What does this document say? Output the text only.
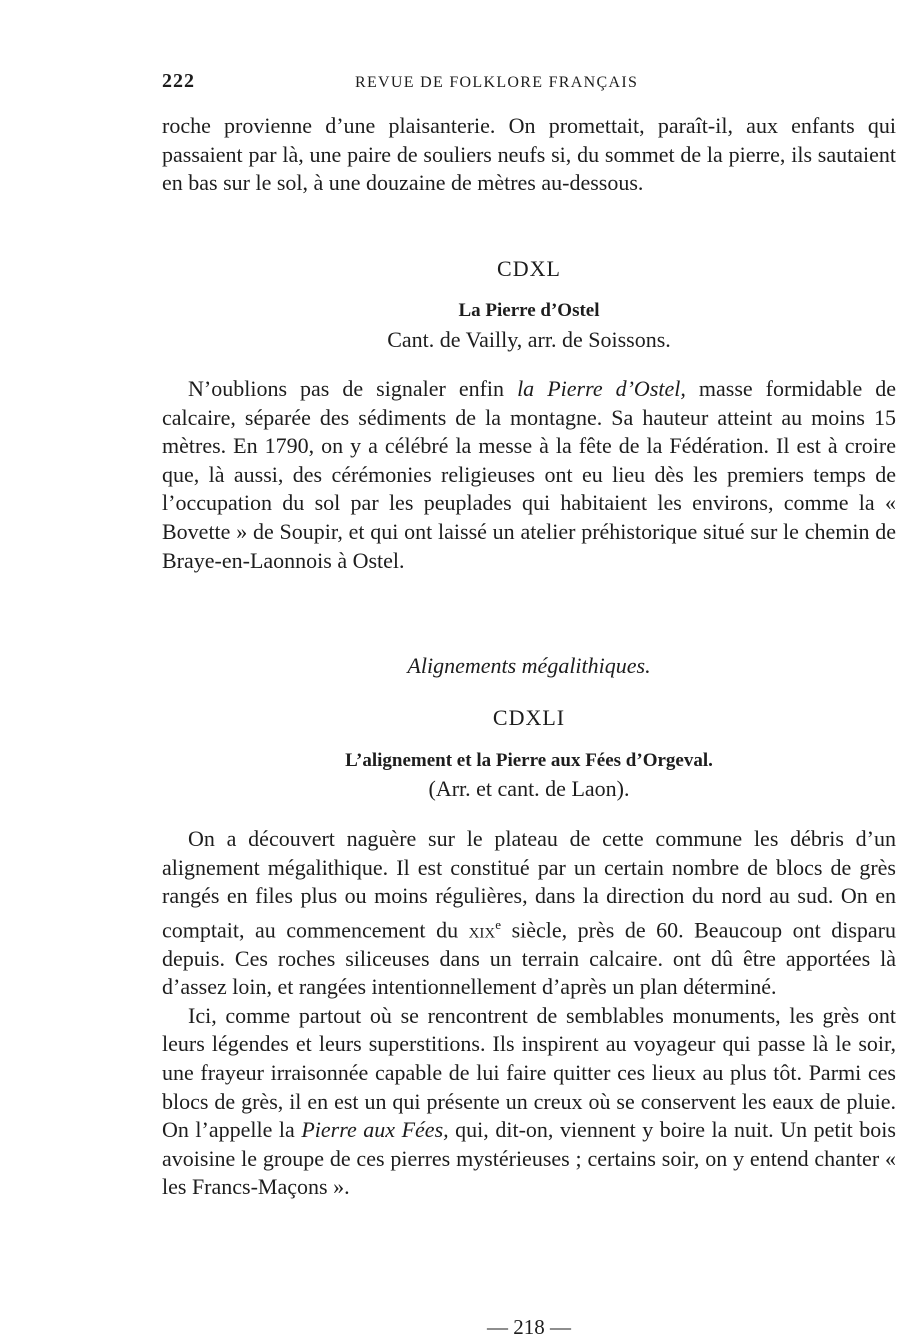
222	REVUE DE FOLKLORE FRANÇAIS

roche provienne d’une plaisanterie. On promettait, paraît-il, aux enfants qui passaient par là, une paire de souliers neufs si, du sommet de la pierre, ils sautaient en bas sur le sol, à une douzaine de mètres au-dessous.

CDXL
La Pierre d’Ostel
Cant. de Vailly, arr. de Soissons.

N’oublions pas de signaler enfin la Pierre d’Ostel, masse formidable de calcaire, séparée des sédiments de la montagne. Sa hauteur atteint au moins 15 mètres. En 1790, on y a célébré la messe à la fête de la Fédération. Il est à croire que, là aussi, des cérémonies religieuses ont eu lieu dès les premiers temps de l’occupation du sol par les peuplades qui habitaient les environs, comme la « Bovette » de Soupir, et qui ont laissé un atelier préhistorique situé sur le chemin de Braye-en-Laonnois à Ostel.

Alignements mégalithiques.
CDXLI
L’alignement et la Pierre aux Fées d’Orgeval.
(Arr. et cant. de Laon).

On a découvert naguère sur le plateau de cette commune les débris d’un alignement mégalithique. Il est constitué par un certain nombre de blocs de grès rangés en files plus ou moins régulières, dans la direction du nord au sud. On en comptait, au commencement du xix$^e$ siècle, près de 60. Beaucoup ont disparu depuis. Ces roches siliceuses dans un terrain calcaire. ont dû être apportées là d’assez loin, et rangées intentionnellement d’après un plan déterminé.

Ici, comme partout où se rencontrent de semblables monuments, les grès ont leurs légendes et leurs superstitions. Ils inspirent au voyageur qui passe là le soir, une frayeur irraisonnée capable de lui faire quitter ces lieux au plus tôt. Parmi ces blocs de grès, il en est un qui présente un creux où se conservent les eaux de pluie. On l’appelle la Pierre aux Fées, qui, dit-on, viennent y boire la nuit. Un petit bois avoisine le groupe de ces pierres mystérieuses ; certains soir, on y entend chanter « les Francs-Maçons ».

— 218 —
